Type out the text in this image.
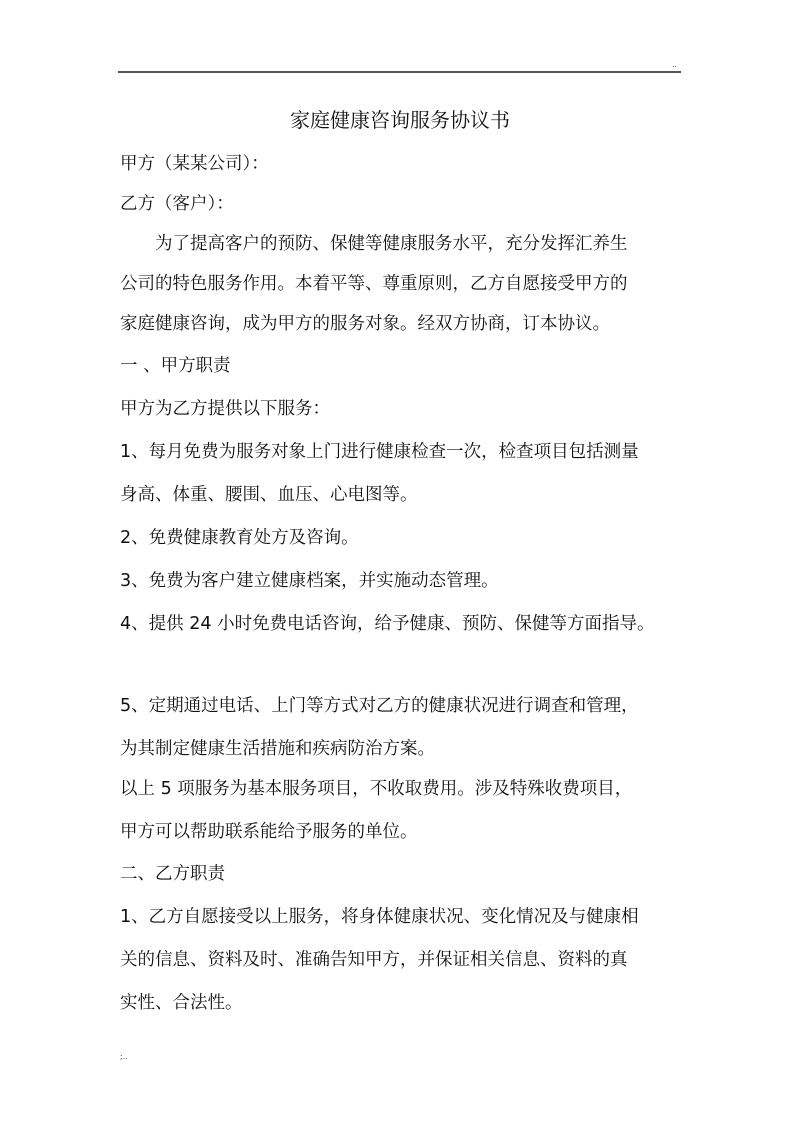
..
家庭健康咨询服务协议书
甲方（某某公司）：
乙方（客户）：
为了提高客户的预防、保健等健康服务水平，充分发挥汇养生
公司的特色服务作用。本着平等、尊重原则，乙方自愿接受甲方的
家庭健康咨询，成为甲方的服务对象。经双方协商，订本协议。
一 、甲方职责
甲方为乙方提供以下服务：
1、每月免费为服务对象上门进行健康检查一次，检查项目包括测量
身高、体重、腰围、血压、心电图等。
2、免费健康教育处方及咨询。
3、免费为客户建立健康档案，并实施动态管理。
4、提供 24 小时免费电话咨询，给予健康、预防、保健等方面指导。
5、定期通过电话、上门等方式对乙方的健康状况进行调查和管理，
为其制定健康生活措施和疾病防治方案。
以上 5 项服务为基本服务项目，不收取费用。涉及特殊收费项目，
甲方可以帮助联系能给予服务的单位。
二、乙方职责
1、乙方自愿接受以上服务，将身体健康状况、变化情况及与健康相
关的信息、资料及时、准确告知甲方，并保证相关信息、资料的真
实性、合法性。
;..
